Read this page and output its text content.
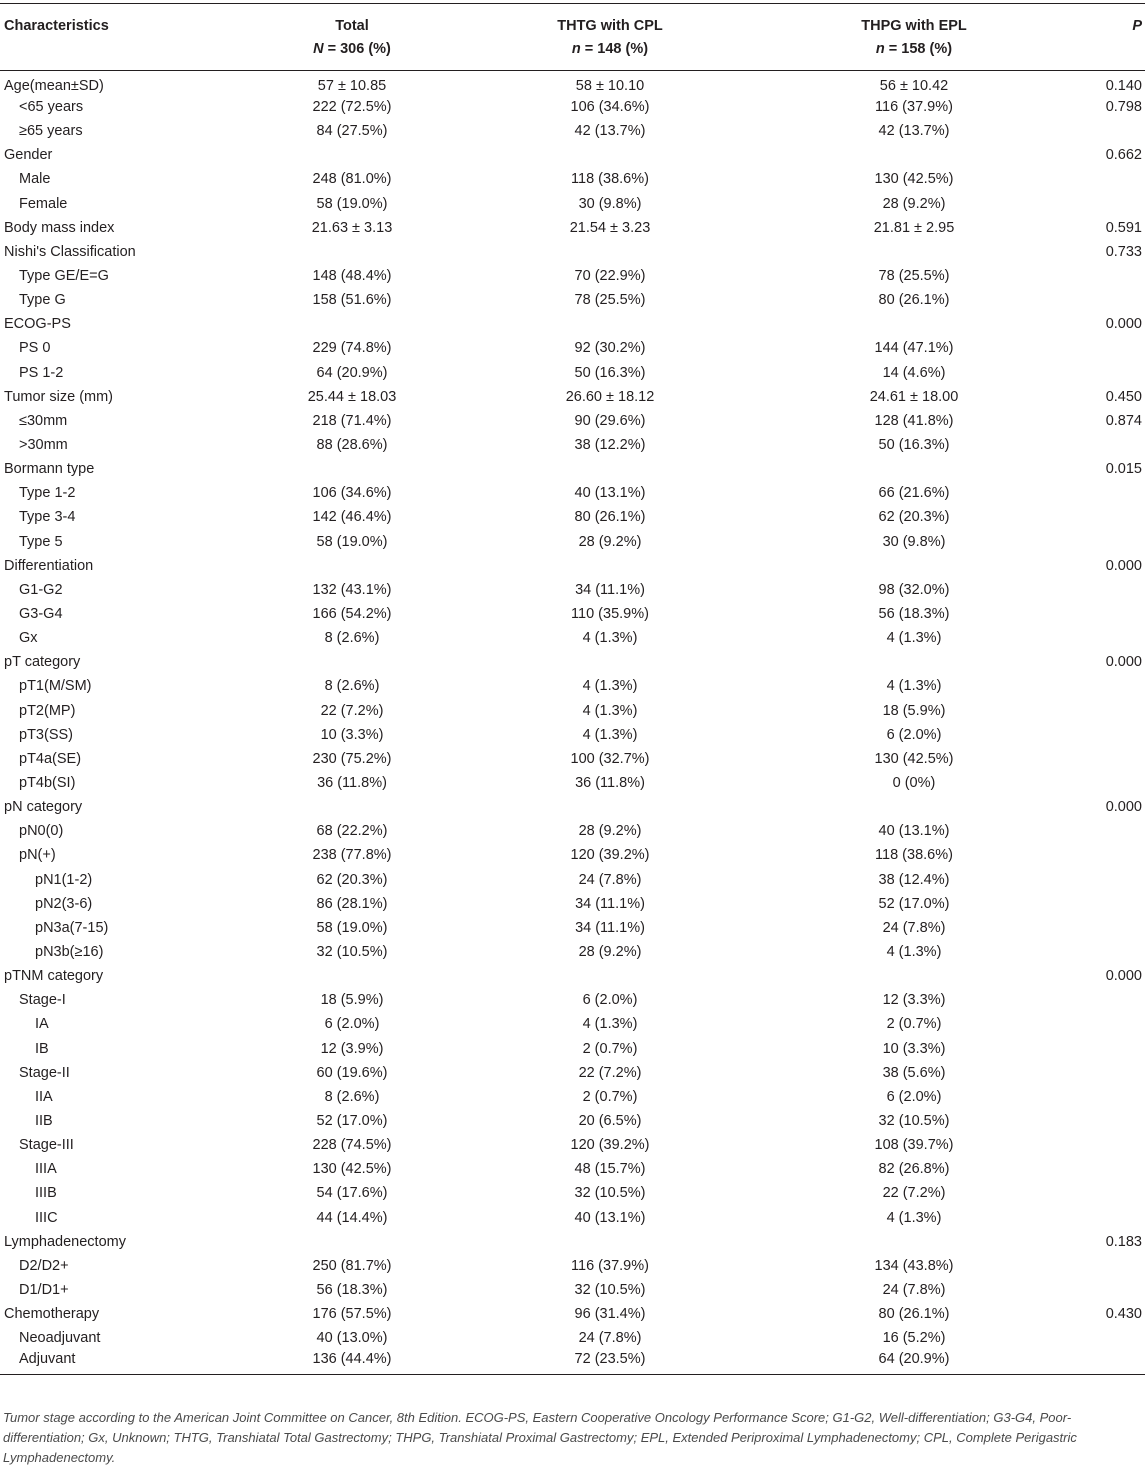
Characteristics	Total	THTG with CPL	THPG with EPL	P
	N = 306 (%)	n = 148 (%)	n = 158 (%)	
Age(mean±SD)	57 ± 10.85	58 ± 10.10	56 ± 10.42	0.140
<65 years	222 (72.5%)	106 (34.6%)	116 (37.9%)	0.798
≥65 years	84 (27.5%)	42 (13.7%)	42 (13.7%)	
Gender				0.662
Male	248 (81.0%)	118 (38.6%)	130 (42.5%)	
Female	58 (19.0%)	30 (9.8%)	28 (9.2%)	
Body mass index	21.63 ± 3.13	21.54 ± 3.23	21.81 ± 2.95	0.591
Nishi's Classification				0.733
Type GE/E=G	148 (48.4%)	70 (22.9%)	78 (25.5%)	
Type G	158 (51.6%)	78 (25.5%)	80 (26.1%)	
ECOG-PS				0.000
PS 0	229 (74.8%)	92 (30.2%)	144 (47.1%)	
PS 1-2	64 (20.9%)	50 (16.3%)	14 (4.6%)	
Tumor size (mm)	25.44 ± 18.03	26.60 ± 18.12	24.61 ± 18.00	0.450
≤30mm	218 (71.4%)	90 (29.6%)	128 (41.8%)	0.874
>30mm	88 (28.6%)	38 (12.2%)	50 (16.3%)	
Bormann type				0.015
Type 1-2	106 (34.6%)	40 (13.1%)	66 (21.6%)	
Type 3-4	142 (46.4%)	80 (26.1%)	62 (20.3%)	
Type 5	58 (19.0%)	28 (9.2%)	30 (9.8%)	
Differentiation				0.000
G1-G2	132 (43.1%)	34 (11.1%)	98 (32.0%)	
G3-G4	166 (54.2%)	110 (35.9%)	56 (18.3%)	
Gx	8 (2.6%)	4 (1.3%)	4 (1.3%)	
pT category				0.000
pT1(M/SM)	8 (2.6%)	4 (1.3%)	4 (1.3%)	
pT2(MP)	22 (7.2%)	4 (1.3%)	18 (5.9%)	
pT3(SS)	10 (3.3%)	4 (1.3%)	6 (2.0%)	
pT4a(SE)	230 (75.2%)	100 (32.7%)	130 (42.5%)	
pT4b(SI)	36 (11.8%)	36 (11.8%)	0 (0%)	
pN category				0.000
pN0(0)	68 (22.2%)	28 (9.2%)	40 (13.1%)	
pN(+)	238 (77.8%)	120 (39.2%)	118 (38.6%)	
pN1(1-2)	62 (20.3%)	24 (7.8%)	38 (12.4%)	
pN2(3-6)	86 (28.1%)	34 (11.1%)	52 (17.0%)	
pN3a(7-15)	58 (19.0%)	34 (11.1%)	24 (7.8%)	
pN3b(≥16)	32 (10.5%)	28 (9.2%)	4 (1.3%)	
pTNM category				0.000
Stage-I	18 (5.9%)	6 (2.0%)	12 (3.3%)	
IA	6 (2.0%)	4 (1.3%)	2 (0.7%)	
IB	12 (3.9%)	2 (0.7%)	10 (3.3%)	
Stage-II	60 (19.6%)	22 (7.2%)	38 (5.6%)	
IIA	8 (2.6%)	2 (0.7%)	6 (2.0%)	
IIB	52 (17.0%)	20 (6.5%)	32 (10.5%)	
Stage-III	228 (74.5%)	120 (39.2%)	108 (39.7%)	
IIIA	130 (42.5%)	48 (15.7%)	82 (26.8%)	
IIIB	54 (17.6%)	32 (10.5%)	22 (7.2%)	
IIIC	44 (14.4%)	40 (13.1%)	4 (1.3%)	
Lymphadenectomy				0.183
D2/D2+	250 (81.7%)	116 (37.9%)	134 (43.8%)	
D1/D1+	56 (18.3%)	32 (10.5%)	24 (7.8%)	
Chemotherapy	176 (57.5%)	96 (31.4%)	80 (26.1%)	0.430
Neoadjuvant	40 (13.0%)	24 (7.8%)	16 (5.2%)	
Adjuvant	136 (44.4%)	72 (23.5%)	64 (20.9%)	
Tumor stage according to the American Joint Committee on Cancer, 8th Edition. ECOG-PS, Eastern Cooperative Oncology Performance Score; G1-G2, Well-differentiation; G3-G4, Poor-differentiation; Gx, Unknown; THTG, Transhiatal Total Gastrectomy; THPG, Transhiatal Proximal Gastrectomy; EPL, Extended Periproximal Lymphadenectomy; CPL, Complete Perigastric Lymphadenectomy.
